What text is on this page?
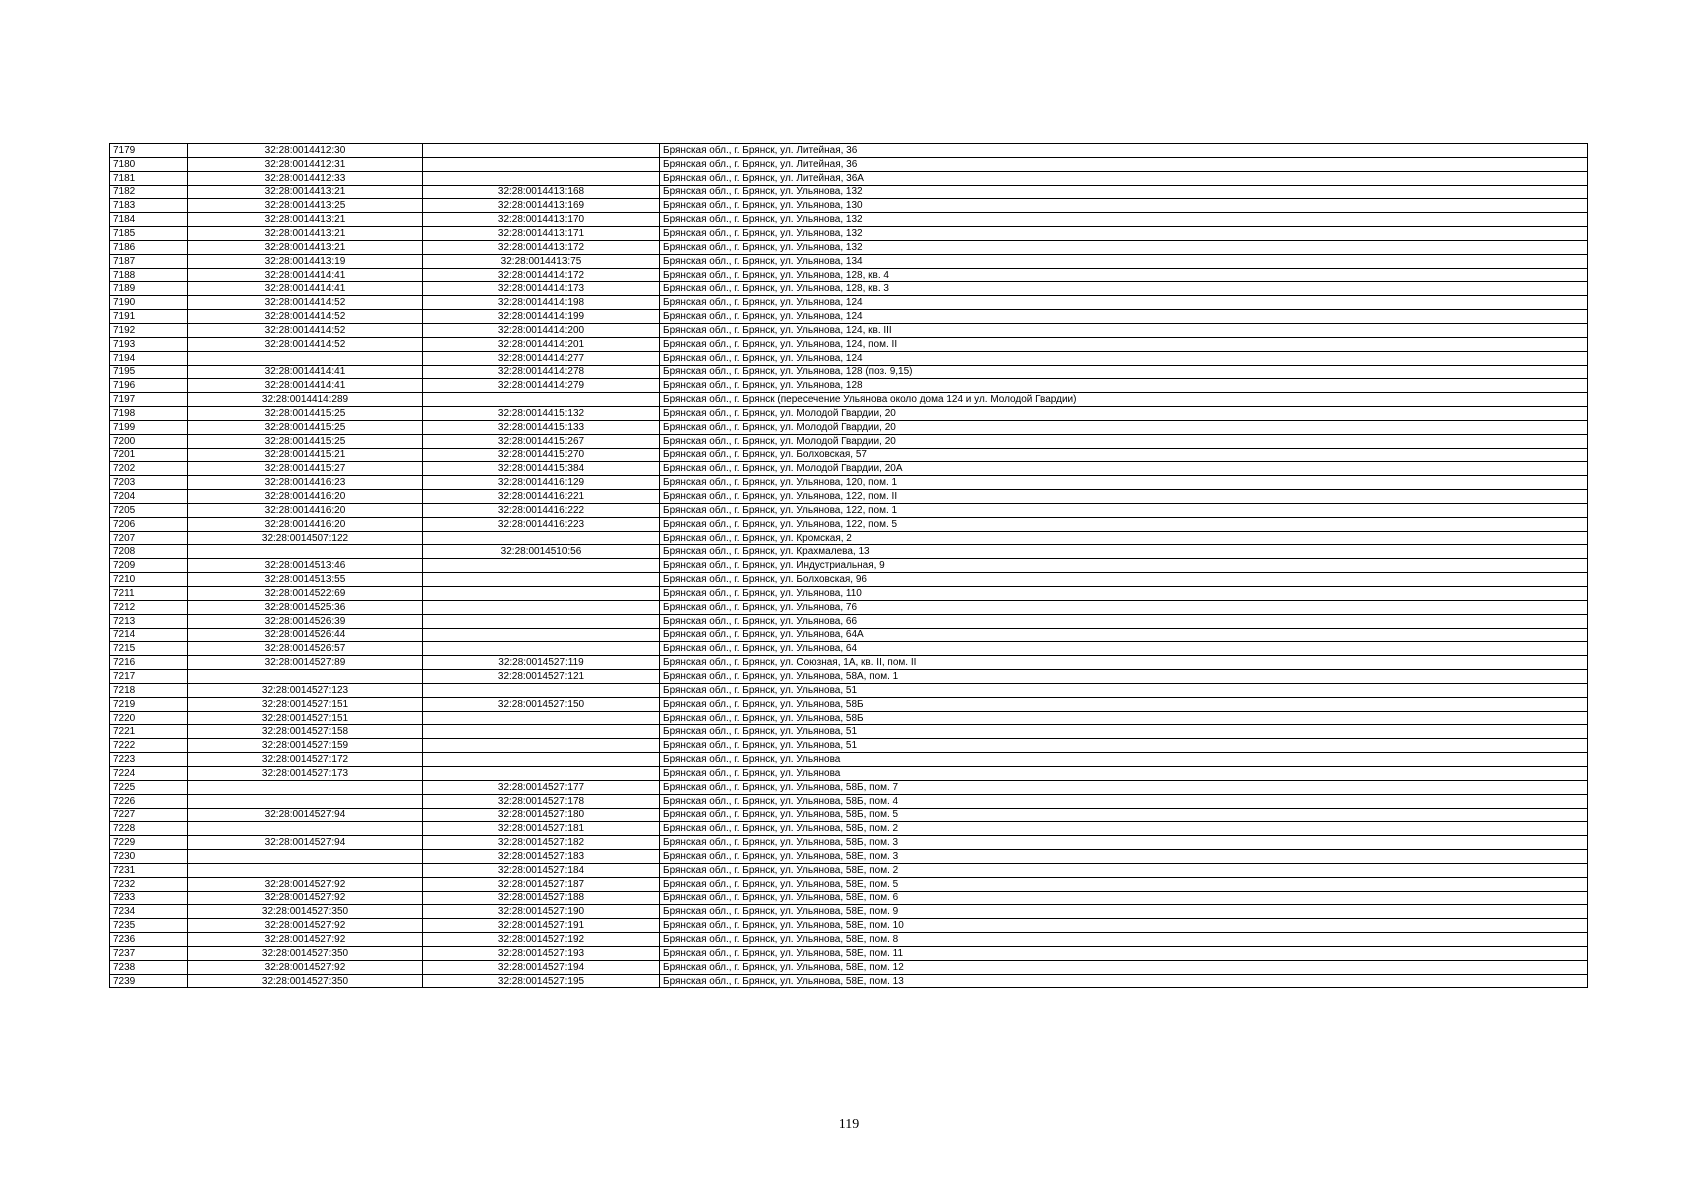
7179	32:28:0014412:30		Брянская обл., г. Брянск, ул. Литейная, 36
7180	32:28:0014412:31		Брянская обл., г. Брянск, ул. Литейная, 36
7181	32:28:0014412:33		Брянская обл., г. Брянск, ул. Литейная, 36А
7182	32:28:0014413:21	32:28:0014413:168	Брянская обл., г. Брянск, ул. Ульянова, 132
7183	32:28:0014413:25	32:28:0014413:169	Брянская обл., г. Брянск, ул. Ульянова, 130
7184	32:28:0014413:21	32:28:0014413:170	Брянская обл., г. Брянск, ул. Ульянова, 132
7185	32:28:0014413:21	32:28:0014413:171	Брянская обл., г. Брянск, ул. Ульянова, 132
7186	32:28:0014413:21	32:28:0014413:172	Брянская обл., г. Брянск, ул. Ульянова, 132
7187	32:28:0014413:19	32:28:0014413:75	Брянская обл., г. Брянск, ул. Ульянова, 134
7188	32:28:0014414:41	32:28:0014414:172	Брянская обл., г. Брянск, ул. Ульянова, 128, кв. 4
7189	32:28:0014414:41	32:28:0014414:173	Брянская обл., г. Брянск, ул. Ульянова, 128, кв. 3
7190	32:28:0014414:52	32:28:0014414:198	Брянская обл., г. Брянск, ул. Ульянова, 124
7191	32:28:0014414:52	32:28:0014414:199	Брянская обл., г. Брянск, ул. Ульянова, 124
7192	32:28:0014414:52	32:28:0014414:200	Брянская обл., г. Брянск, ул. Ульянова, 124, кв. III
7193	32:28:0014414:52	32:28:0014414:201	Брянская обл., г. Брянск, ул. Ульянова, 124, пом. II
7194		32:28:0014414:277	Брянская обл., г. Брянск, ул. Ульянова, 124
7195	32:28:0014414:41	32:28:0014414:278	Брянская обл., г. Брянск, ул. Ульянова, 128 (поз. 9,15)
7196	32:28:0014414:41	32:28:0014414:279	Брянская обл., г. Брянск, ул. Ульянова, 128
7197	32:28:0014414:289		Брянская обл., г. Брянск (пересечение Ульянова около дома 124 и ул. Молодой Гвардии)
7198	32:28:0014415:25	32:28:0014415:132	Брянская обл., г. Брянск, ул. Молодой Гвардии, 20
7199	32:28:0014415:25	32:28:0014415:133	Брянская обл., г. Брянск, ул. Молодой Гвардии, 20
7200	32:28:0014415:25	32:28:0014415:267	Брянская обл., г. Брянск, ул. Молодой Гвардии, 20
7201	32:28:0014415:21	32:28:0014415:270	Брянская обл., г. Брянск, ул. Болховская, 57
7202	32:28:0014415:27	32:28:0014415:384	Брянская обл., г. Брянск, ул. Молодой Гвардии, 20А
7203	32:28:0014416:23	32:28:0014416:129	Брянская обл., г. Брянск, ул. Ульянова, 120, пом. 1
7204	32:28:0014416:20	32:28:0014416:221	Брянская обл., г. Брянск, ул. Ульянова, 122, пом. II
7205	32:28:0014416:20	32:28:0014416:222	Брянская обл., г. Брянск, ул. Ульянова, 122, пом. 1
7206	32:28:0014416:20	32:28:0014416:223	Брянская обл., г. Брянск, ул. Ульянова, 122, пом. 5
7207	32:28:0014507:122		Брянская обл., г. Брянск, ул. Кромская, 2
7208		32:28:0014510:56	Брянская обл., г. Брянск, ул. Крахмалева, 13
7209	32:28:0014513:46		Брянская обл., г. Брянск, ул. Индустриальная, 9
7210	32:28:0014513:55		Брянская обл., г. Брянск, ул. Болховская, 96
7211	32:28:0014522:69		Брянская обл., г. Брянск, ул. Ульянова, 110
7212	32:28:0014525:36		Брянская обл., г. Брянск, ул. Ульянова, 76
7213	32:28:0014526:39		Брянская обл., г. Брянск, ул. Ульянова, 66
7214	32:28:0014526:44		Брянская обл., г. Брянск, ул. Ульянова, 64А
7215	32:28:0014526:57		Брянская обл., г. Брянск, ул. Ульянова, 64
7216	32:28:0014527:89	32:28:0014527:119	Брянская обл., г. Брянск, ул. Союзная, 1А, кв. II, пом. II
7217		32:28:0014527:121	Брянская обл., г. Брянск, ул. Ульянова, 58А, пом. 1
7218	32:28:0014527:123		Брянская обл., г. Брянск, ул. Ульянова, 51
7219	32:28:0014527:151	32:28:0014527:150	Брянская обл., г. Брянск, ул. Ульянова, 58Б
7220	32:28:0014527:151		Брянская обл., г. Брянск, ул. Ульянова, 58Б
7221	32:28:0014527:158		Брянская обл., г. Брянск, ул. Ульянова, 51
7222	32:28:0014527:159		Брянская обл., г. Брянск, ул. Ульянова, 51
7223	32:28:0014527:172		Брянская обл., г. Брянск, ул. Ульянова
7224	32:28:0014527:173		Брянская обл., г. Брянск, ул. Ульянова
7225		32:28:0014527:177	Брянская обл., г. Брянск, ул. Ульянова, 58Б, пом. 7
7226		32:28:0014527:178	Брянская обл., г. Брянск, ул. Ульянова, 58Б, пом. 4
7227	32:28:0014527:94	32:28:0014527:180	Брянская обл., г. Брянск, ул. Ульянова, 58Б, пом. 5
7228		32:28:0014527:181	Брянская обл., г. Брянск, ул. Ульянова, 58Б, пом. 2
7229	32:28:0014527:94	32:28:0014527:182	Брянская обл., г. Брянск, ул. Ульянова, 58Б, пом. 3
7230		32:28:0014527:183	Брянская обл., г. Брянск, ул. Ульянова, 58Е, пом. 3
7231		32:28:0014527:184	Брянская обл., г. Брянск, ул. Ульянова, 58Е, пом. 2
7232	32:28:0014527:92	32:28:0014527:187	Брянская обл., г. Брянск, ул. Ульянова, 58Е, пом. 5
7233	32:28:0014527:92	32:28:0014527:188	Брянская обл., г. Брянск, ул. Ульянова, 58Е, пом. 6
7234	32:28:0014527:350	32:28:0014527:190	Брянская обл., г. Брянск, ул. Ульянова, 58Е, пом. 9
7235	32:28:0014527:92	32:28:0014527:191	Брянская обл., г. Брянск, ул. Ульянова, 58Е, пом. 10
7236	32:28:0014527:92	32:28:0014527:192	Брянская обл., г. Брянск, ул. Ульянова, 58Е, пом. 8
7237	32:28:0014527:350	32:28:0014527:193	Брянская обл., г. Брянск, ул. Ульянова, 58Е, пом. 11
7238	32:28:0014527:92	32:28:0014527:194	Брянская обл., г. Брянск, ул. Ульянова, 58Е, пом. 12
7239	32:28:0014527:350	32:28:0014527:195	Брянская обл., г. Брянск, ул. Ульянова, 58Е, пом. 13
119
